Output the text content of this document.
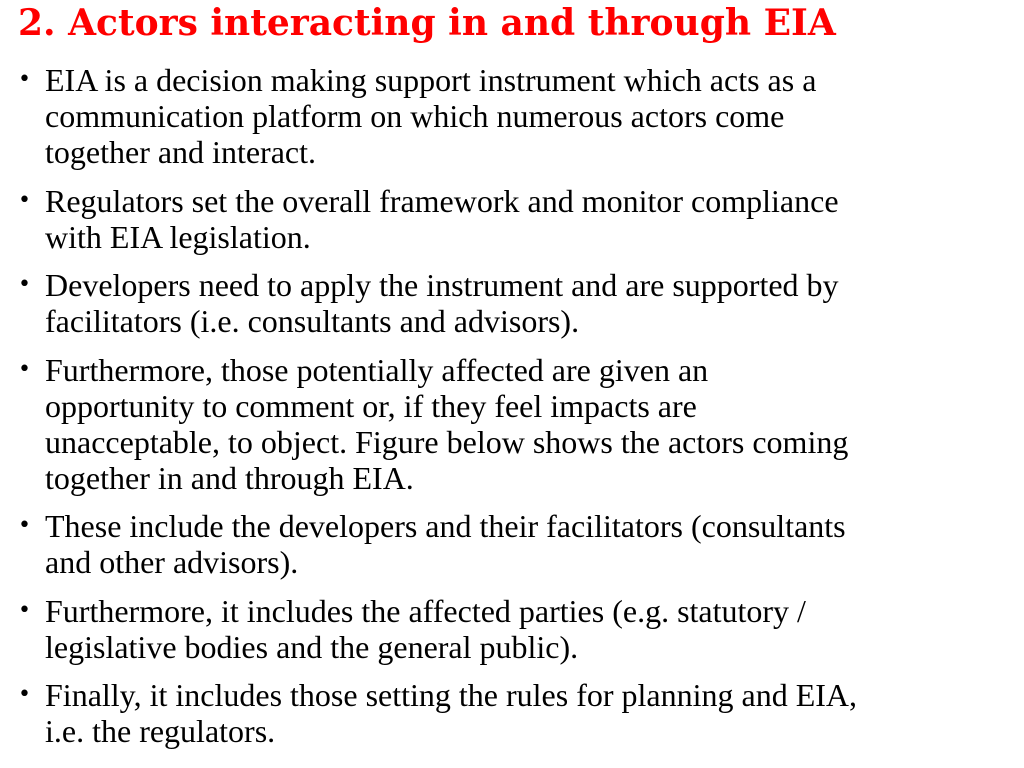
2. Actors interacting in and through EIA
• EIA is a decision making support instrument which acts as a
communication platform on which numerous actors come
together and interact.
• Regulators set the overall framework and monitor compliance
with EIA legislation.
• Developers need to apply the instrument and are supported by
facilitators (i.e. consultants and advisors).
• Furthermore, those potentially affected are given an
opportunity to comment or, if they feel impacts are
unacceptable, to object. Figure below shows the actors coming
together in and through EIA.
• These include the developers and their facilitators (consultants
and other advisors).
• Furthermore, it includes the affected parties (e.g. statutory /
legislative bodies and the general public).
• Finally, it includes those setting the rules for planning and EIA,
i.e. the regulators.
